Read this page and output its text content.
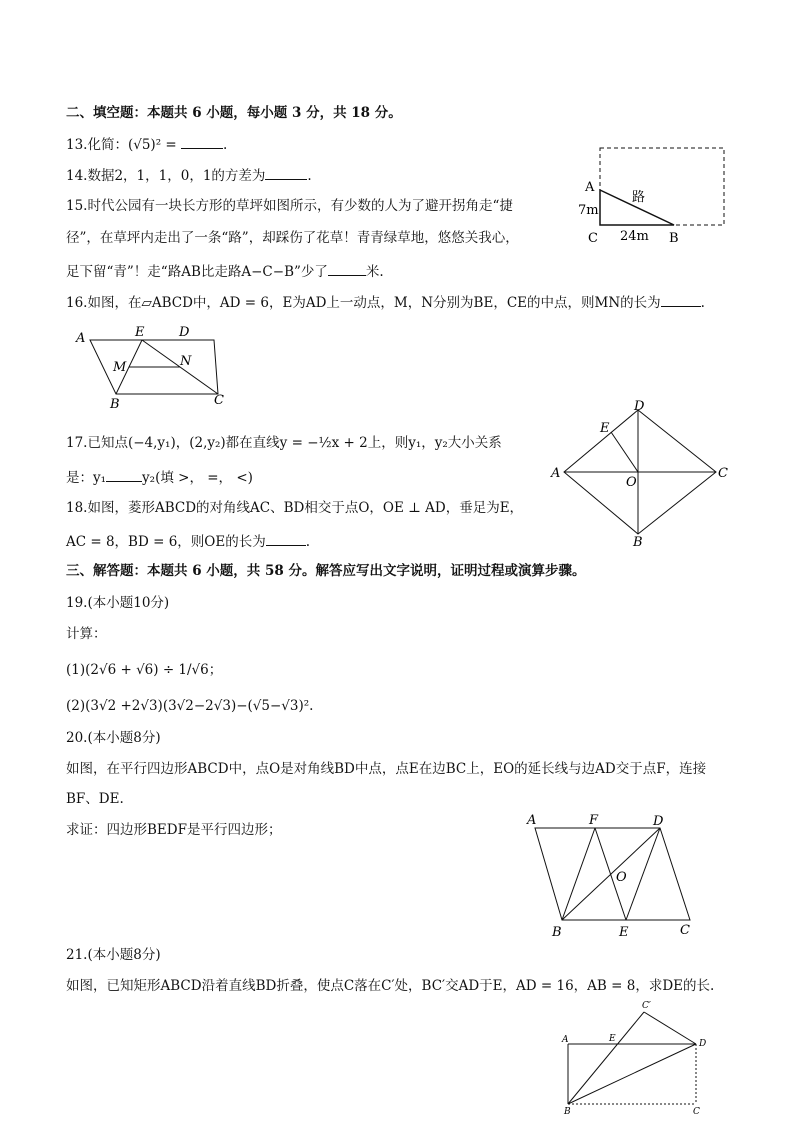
二、填空题：本题共 6 小题，每小题 3 分，共 18 分。
13.化简：(√5)² =	.
14.数据2，1，1，0，1的方差为	.
15.时代公园有一块长方形的草坪如图所示，有少数的人为了避开拐角走“捷
径”，在草坪内走出了一条“路”，却踩伤了花草！青青绿草地，悠悠关我心，
足下留“青”！走“路AB比走路A−C−B”少了	米.
A
7m
C 24m B
路
16.如图，在▱ABCD中，AD = 6，E为AD上一动点，M，N分别为BE，CE的中点，则MN的长为	.
A	E	D
M	N
B	C
17.已知点(−4,y₁)，(2,y₂)都在直线y = −½x + 2上，则y₁，y₂大小关系
是：y₁	y₂(填 >， =， <)
18.如图，菱形ABCD的对角线AC、BD相交于点O，OE ⊥ AD，垂足为E，
AC = 8，BD = 6，则OE的长为	.
D
E
A	C
O
B
三、解答题：本题共 6 小题，共 58 分。解答应写出文字说明，证明过程或演算步骤。
19.(本小题10分)
计算：
(1)(2√6 + √6) ÷ 1/√6；
(2)(3√2 +2√3)(3√2−2√3)−(√5−√3)².
20.(本小题8分)
如图，在平行四边形ABCD中，点O是对角线BD中点，点E在边BC上，EO的延长线与边AD交于点F，连接
BF、DE.
求证：四边形BEDF是平行四边形；
A	F	D
O
B	E	C
21.(本小题8分)
如图，已知矩形ABCD沿着直线BD折叠，使点C落在C′处，BC′交AD于E，AD = 16，AB = 8，求DE的长.
A	E	D
C′
B	C
